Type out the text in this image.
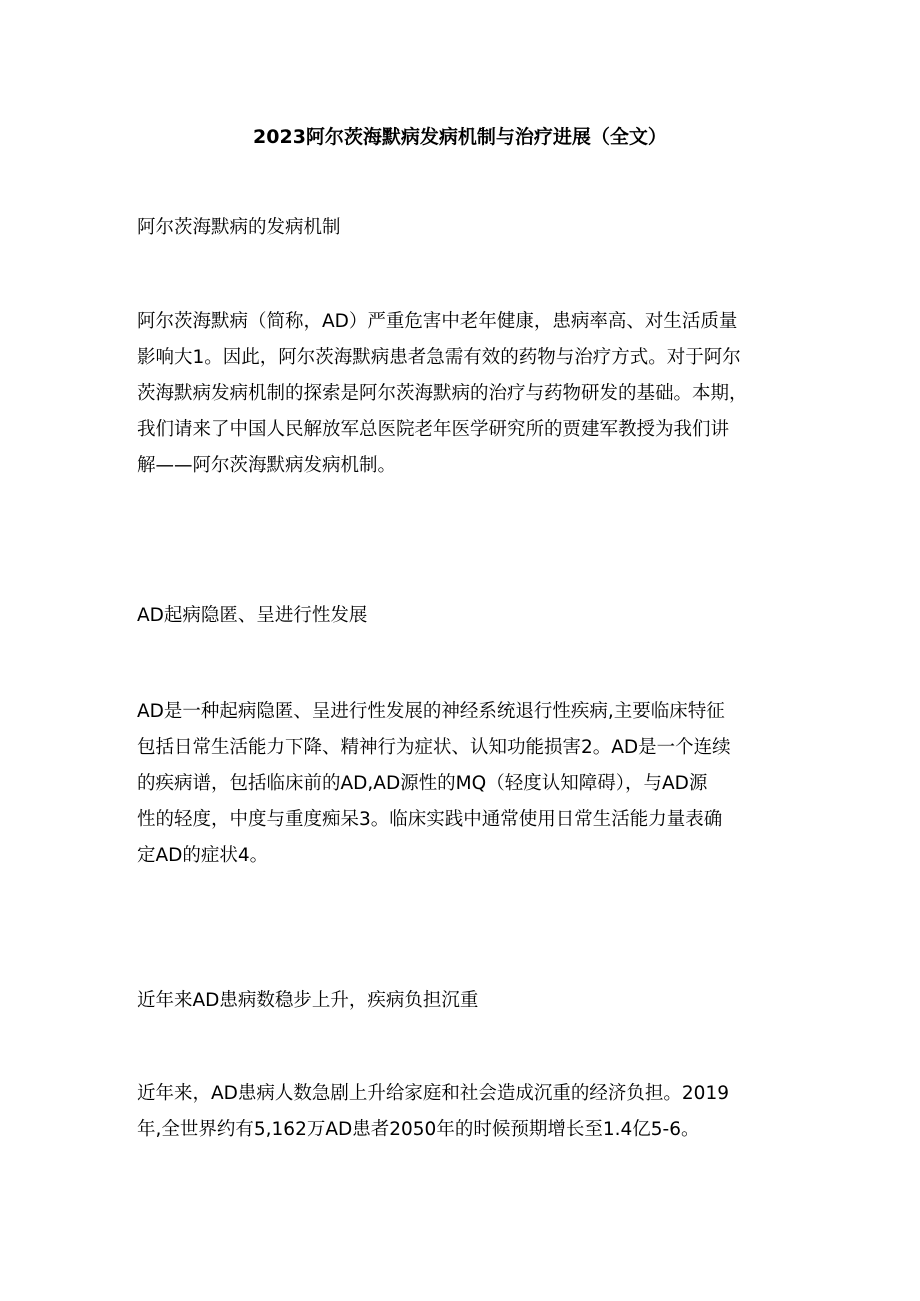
2023阿尔茨海默病发病机制与治疗进展（全文）
阿尔茨海默病的发病机制
阿尔茨海默病（简称，AD）严重危害中老年健康，患病率高、对生活质量
影响大1。因此，阿尔茨海默病患者急需有效的药物与治疗方式。对于阿尔
茨海默病发病机制的探索是阿尔茨海默病的治疗与药物研发的基础。本期，
我们请来了中国人民解放军总医院老年医学研究所的贾建军教授为我们讲
解——阿尔茨海默病发病机制。
AD起病隐匿、呈进行性发展
AD是一种起病隐匿、呈进行性发展的神经系统退行性疾病,主要临床特征
包括日常生活能力下降、精神行为症状、认知功能损害2。AD是一个连续
的疾病谱，包括临床前的AD,AD源性的MQ（轻度认知障碍），与AD源
性的轻度，中度与重度痴呆3。临床实践中通常使用日常生活能力量表确
定AD的症状4。
近年来AD患病数稳步上升，疾病负担沉重
近年来，AD患病人数急剧上升给家庭和社会造成沉重的经济负担。2019
年,全世界约有5,162万AD患者2050年的时候预期增长至1.4亿5-6。
